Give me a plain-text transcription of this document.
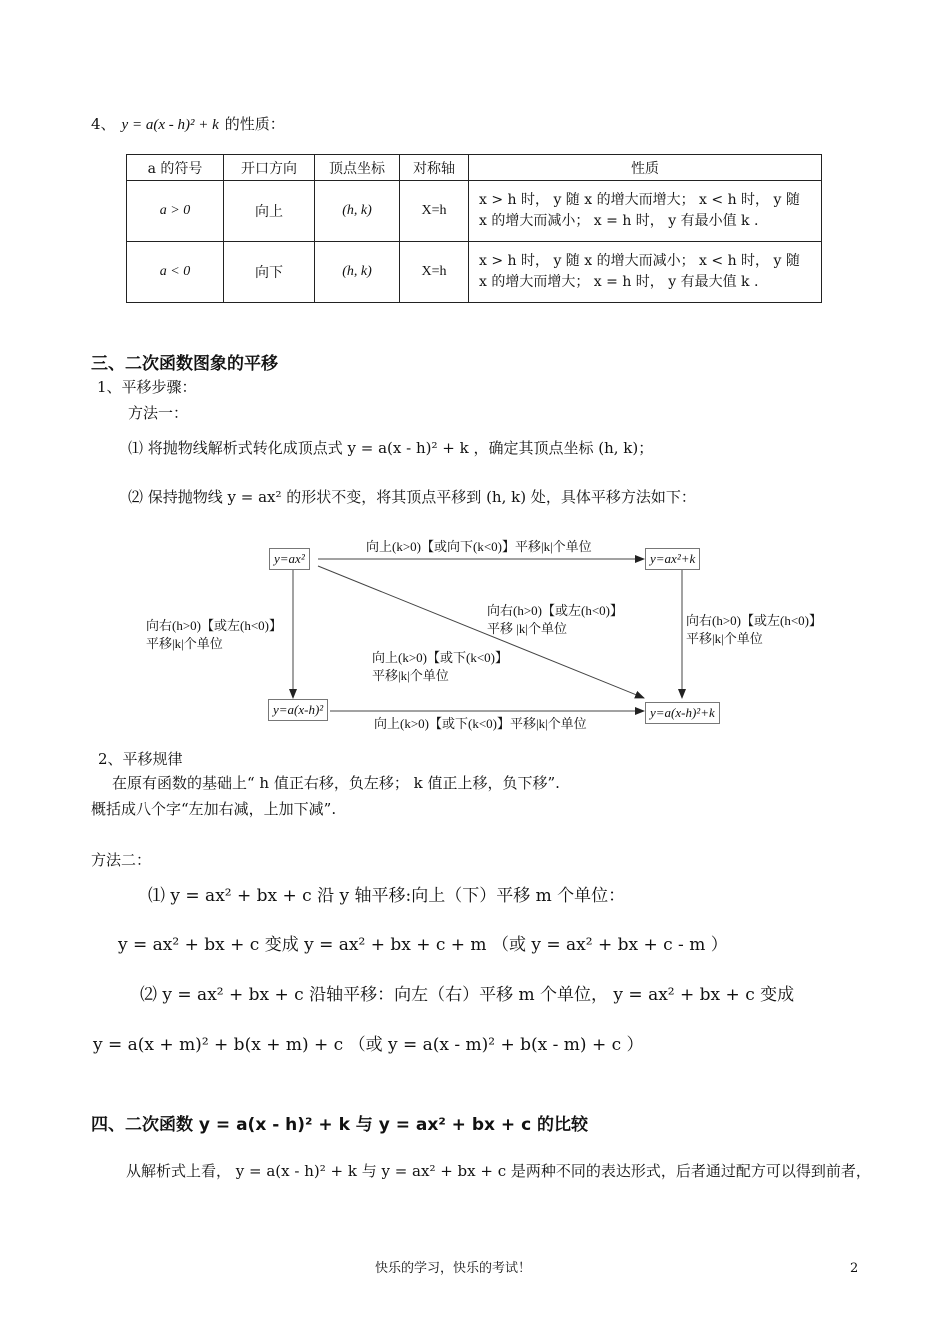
4、 y = a(x - h)² + k 的性质：
a 的符号	开口方向	顶点坐标	对称轴	性质
a > 0	向上	(h, k)	X=h	x > h 时， y 随 x 的增大而增大； x < h 时， y 随
x 的增大而减小； x = h 时， y 有最小值 k .

a < 0	向下	(h, k)	X=h	x > h 时， y 随 x 的增大而减小； x < h 时， y 随
x 的增大而增大； x = h 时， y 有最大值 k .
三、二次函数图象的平移
1、平移步骤：
方法一：
⑴ 将抛物线解析式转化成顶点式 y = a(x - h)² + k ，确定其顶点坐标 (h, k)；
⑵ 保持抛物线 y = ax² 的形状不变，将其顶点平移到 (h, k) 处，具体平移方法如下：
y=ax²	y=ax²+k
y=a(x-h)²	y=a(x-h)²+k
向上(k>0)【或向下(k<0)】平移|k|个单位
向上(k>0)【或下(k<0)】平移|k|个单位
向右(h>0)【或左(h<0)】
平移|k|个单位
向右(h>0)【或左(h<0)】
平移|k|个单位
向右(h>0)【或左(h<0)】
平移 |k|个单位
向上(k>0)【或下(k<0)】
平移|k|个单位
2、平移规律
在原有函数的基础上“ h 值正右移，负左移； k 值正上移，负下移”.
概括成八个字“左加右减，上加下减”.
方法二：
⑴ y = ax² + bx + c 沿 y 轴平移:向上（下）平移 m 个单位：
y = ax² + bx + c 变成 y = ax² + bx + c + m （或 y = ax² + bx + c - m ）
⑵ y = ax² + bx + c 沿轴平移：向左（右）平移 m 个单位， y = ax² + bx + c 变成
y = a(x + m)² + b(x + m) + c （或 y = a(x - m)² + b(x - m) + c ）
四、二次函数 y = a(x - h)² + k 与 y = ax² + bx + c 的比较
从解析式上看， y = a(x - h)² + k 与 y = ax² + bx + c 是两种不同的表达形式，后者通过配方可以得到前者，
快乐的学习，快乐的考试！	2
